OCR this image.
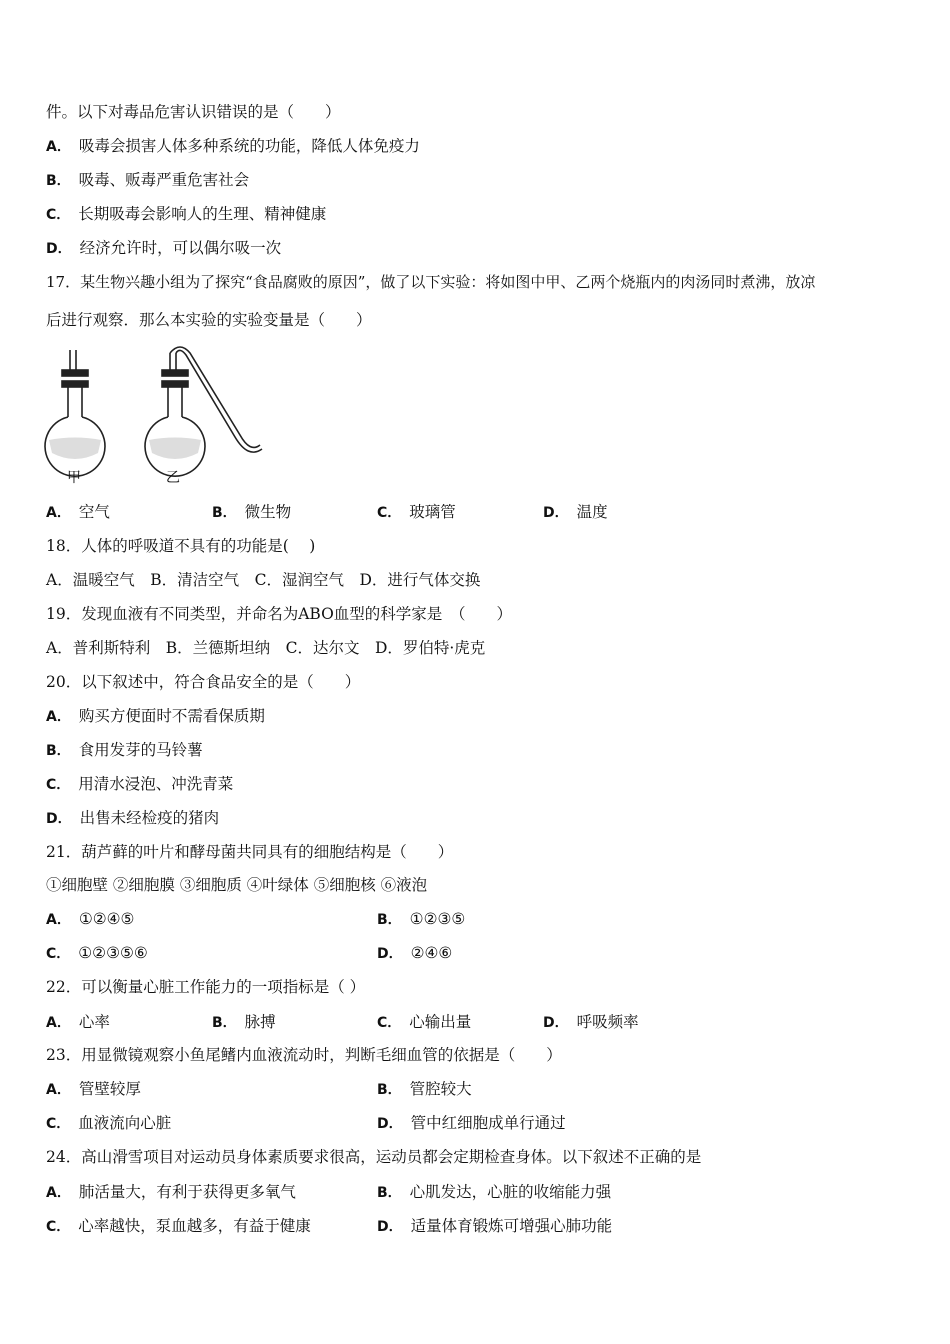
件。以下对毒品危害认识错误的是（　　）
A． 吸毒会损害人体多种系统的功能，降低人体免疫力
B． 吸毒、贩毒严重危害社会
C． 长期吸毒会影响人的生理、精神健康
D． 经济允许时，可以偶尔吸一次
17．某生物兴趣小组为了探究“食品腐败的原因”，做了以下实验：将如图中甲、乙两个烧瓶内的肉汤同时煮沸，放凉
后进行观察．那么本实验的实验变量是（　　）
甲	乙
A． 空气	B． 微生物	C． 玻璃管	D． 温度
18．人体的呼吸道不具有的功能是(　 )
A．温暖空气　B．清洁空气　C．湿润空气　D．进行气体交换
19．发现血液有不同类型，并命名为ABO血型的科学家是　（　　）
A．普利斯特利　B．兰德斯坦纳　C．达尔文　D．罗伯特·虎克
20．以下叙述中，符合食品安全的是（　　）
A． 购买方便面时不需看保质期
B． 食用发芽的马铃薯
C． 用清水浸泡、冲洗青菜
D． 出售未经检疫的猪肉
21．葫芦藓的叶片和酵母菌共同具有的细胞结构是（　　）
①细胞壁 ②细胞膜 ③细胞质 ④叶绿体 ⑤细胞核 ⑥液泡
A． ①②④⑤	B． ①②③⑤
C． ①②③⑤⑥	D． ②④⑥
22．可以衡量心脏工作能力的一项指标是（ ）
A． 心率	B． 脉搏	C． 心输出量	D． 呼吸频率
23．用显微镜观察小鱼尾鳍内血液流动时，判断毛细血管的依据是（　　）
A． 管壁较厚	B． 管腔较大
C． 血液流向心脏	D． 管中红细胞成单行通过
24．高山滑雪项目对运动员身体素质要求很高，运动员都会定期检查身体。以下叙述不正确的是
A． 肺活量大，有利于获得更多氧气	B． 心肌发达，心脏的收缩能力强
C． 心率越快，泵血越多，有益于健康	D． 适量体育锻炼可增强心肺功能
